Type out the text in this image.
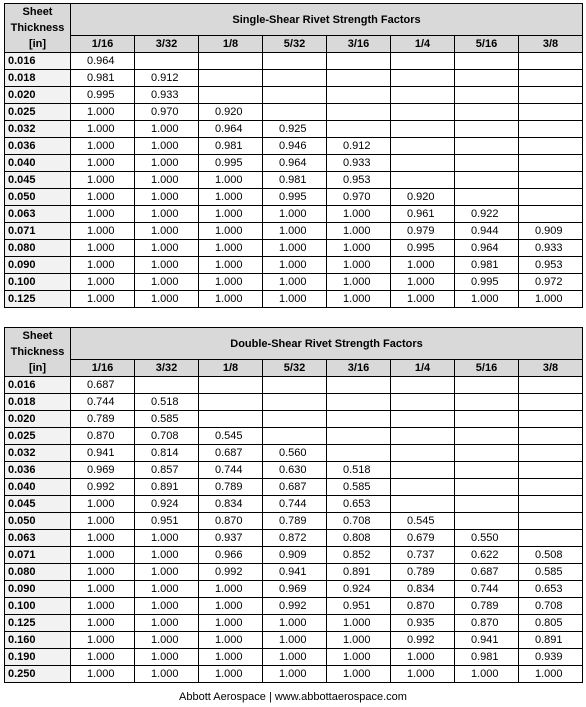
Sheet
Thickness
[in]	Single-Shear Rivet Strength Factors							
	1/16	3/32	1/8	5/32	3/16	1/4	5/16	3/8
0.016	0.964							
0.018	0.981	0.912						
0.020	0.995	0.933						
0.025	1.000	0.970	0.920					
0.032	1.000	1.000	0.964	0.925				
0.036	1.000	1.000	0.981	0.946	0.912			
0.040	1.000	1.000	0.995	0.964	0.933			
0.045	1.000	1.000	1.000	0.981	0.953			
0.050	1.000	1.000	1.000	0.995	0.970	0.920		
0.063	1.000	1.000	1.000	1.000	1.000	0.961	0.922	
0.071	1.000	1.000	1.000	1.000	1.000	0.979	0.944	0.909
0.080	1.000	1.000	1.000	1.000	1.000	0.995	0.964	0.933
0.090	1.000	1.000	1.000	1.000	1.000	1.000	0.981	0.953
0.100	1.000	1.000	1.000	1.000	1.000	1.000	0.995	0.972
0.125	1.000	1.000	1.000	1.000	1.000	1.000	1.000	1.000
Sheet
Thickness
[in]	Double-Shear Rivet Strength Factors							
	1/16	3/32	1/8	5/32	3/16	1/4	5/16	3/8
0.016	0.687							
0.018	0.744	0.518						
0.020	0.789	0.585						
0.025	0.870	0.708	0.545					
0.032	0.941	0.814	0.687	0.560				
0.036	0.969	0.857	0.744	0.630	0.518			
0.040	0.992	0.891	0.789	0.687	0.585			
0.045	1.000	0.924	0.834	0.744	0.653			
0.050	1.000	0.951	0.870	0.789	0.708	0.545		
0.063	1.000	1.000	0.937	0.872	0.808	0.679	0.550	
0.071	1.000	1.000	0.966	0.909	0.852	0.737	0.622	0.508
0.080	1.000	1.000	0.992	0.941	0.891	0.789	0.687	0.585
0.090	1.000	1.000	1.000	0.969	0.924	0.834	0.744	0.653
0.100	1.000	1.000	1.000	0.992	0.951	0.870	0.789	0.708
0.125	1.000	1.000	1.000	1.000	1.000	0.935	0.870	0.805
0.160	1.000	1.000	1.000	1.000	1.000	0.992	0.941	0.891
0.190	1.000	1.000	1.000	1.000	1.000	1.000	0.981	0.939
0.250	1.000	1.000	1.000	1.000	1.000	1.000	1.000	1.000
Abbott Aerospace | www.abbottaerospace.com
